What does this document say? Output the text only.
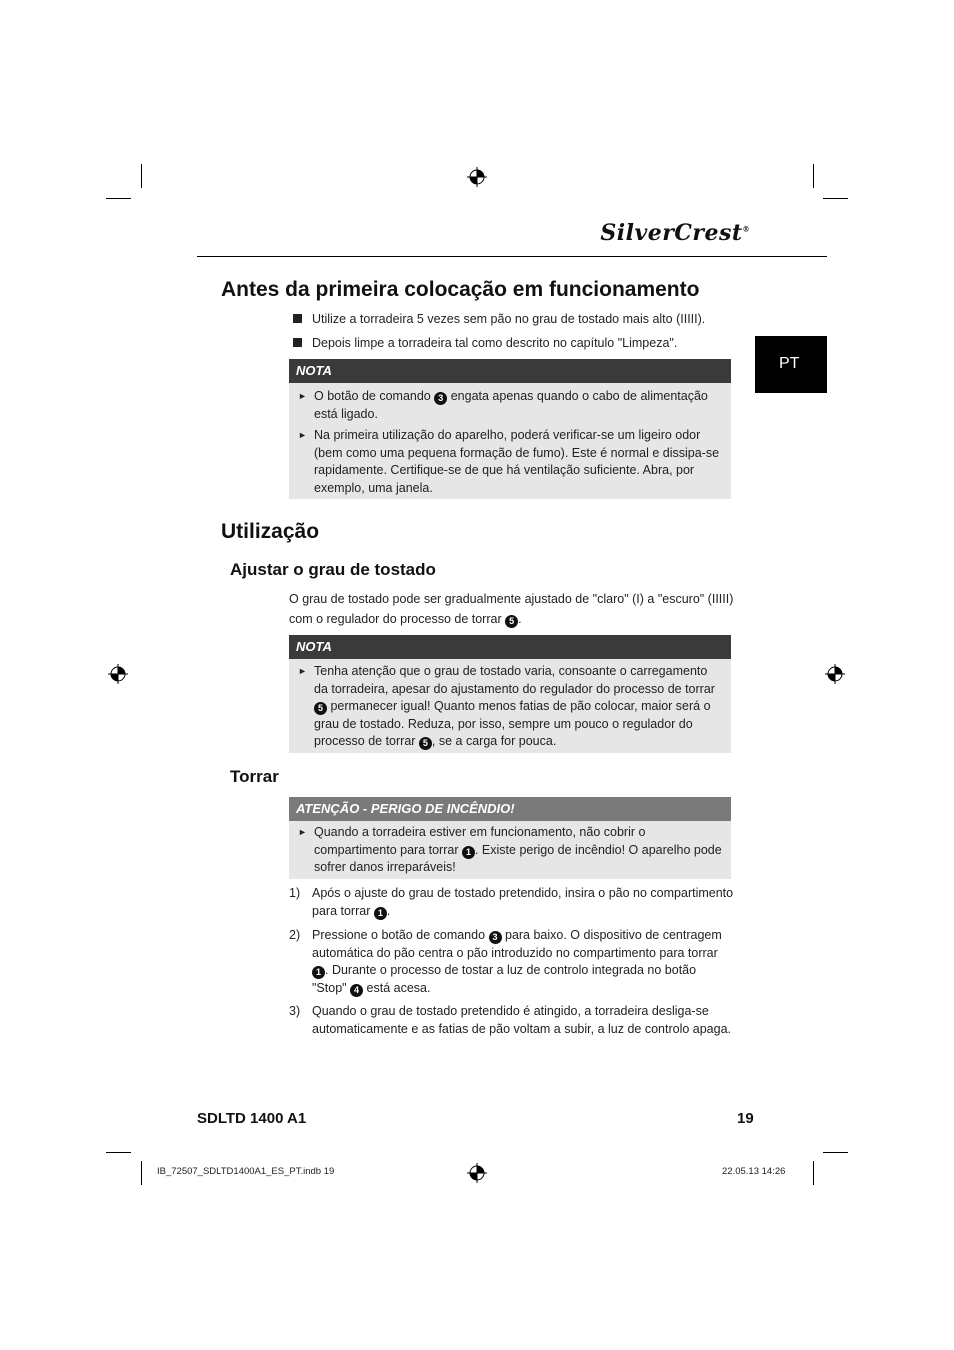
SilverCrest®
PT
Antes da primeira colocação em funcionamento
Utilize a torradeira 5 vezes sem pão no grau de tostado mais alto (IIIII).
Depois limpe a torradeira tal como descrito no capítulo "Limpeza".
NOTA
► O botão de comando 3 engata apenas quando o cabo de alimentação está ligado.
► Na primeira utilização do aparelho, poderá verificar-se um ligeiro odor (bem como uma pequena formação de fumo). Este é normal e dissipa-se rapidamente. Certifique-se de que há ventilação suficiente. Abra, por exemplo, uma janela.
Utilização
Ajustar o grau de tostado
O grau de tostado pode ser gradualmente ajustado de "claro" (I) a "escuro" (IIIII) com o regulador do processo de torrar 5 .
NOTA
► Tenha atenção que o grau de tostado varia, consoante o carregamento da torradeira, apesar do ajustamento do regulador do processo de torrar 5 permanecer igual! Quanto menos fatias de pão colocar, maior será o grau de tostado. Reduza, por isso, sempre um pouco o regulador do processo de torrar 5 , se a carga for pouca.
Torrar
ATENÇÃO - PERIGO DE INCÊNDIO!
► Quando a torradeira estiver em funcionamento, não cobrir o compartimento para torrar 1 . Existe perigo de incêndio! O aparelho pode sofrer danos irreparáveis!
1) Após o ajuste do grau de tostado pretendido, insira o pão no compartimento para torrar 1 .
2) Pressione o botão de comando 3 para baixo. O dispositivo de centragem automática do pão centra o pão introduzido no compartimento para torrar 1 . Durante o processo de tostar a luz de controlo integrada no botão "Stop" 4 está acesa.
3) Quando o grau de tostado pretendido é atingido, a torradeira desliga-se automaticamente e as fatias de pão voltam a subir, a luz de controlo apaga.
SDLTD 1400 A1	19
IB_72507_SDLTD1400A1_ES_PT.indb 19	22.05.13 14:26
